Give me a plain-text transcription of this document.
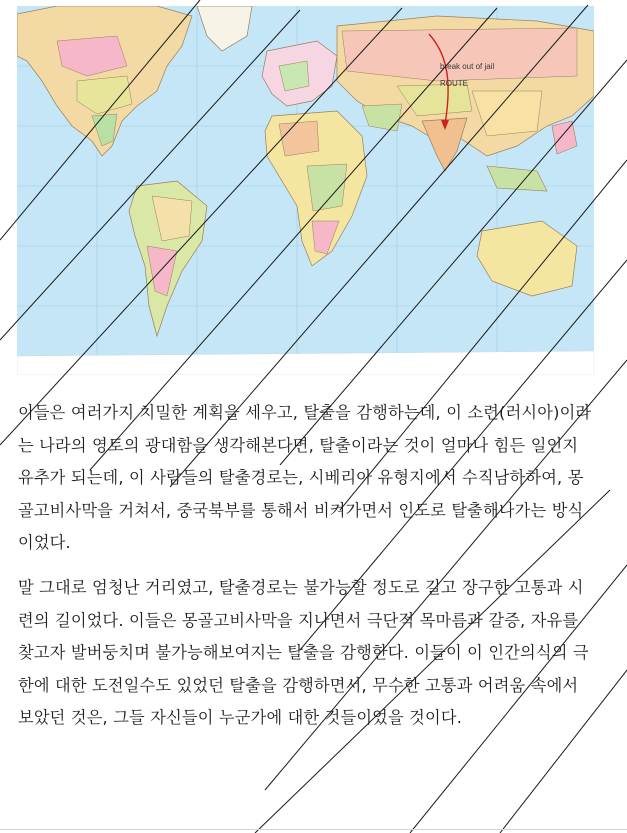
break out of jail
ROUTE

이들은 여러가지 치밀한 계획을 세우고, 탈출을 감행하는데, 이 소련(러시아)이라는 나라의 영토의 광대함을 생각해본다면, 탈출이라는 것이 얼마나 힘든 일인지 유추가 되는데, 이 사람들의 탈출경로는, 시베리아 유형지에서 수직남하하여, 몽골고비사막을 거쳐서, 중국북부를 통해서 비켜가면서 인도로 탈출해나가는 방식이었다.

말 그대로 엄청난 거리였고, 탈출경로는 불가능할 정도로 길고 장구한 고통과 시련의 길이었다. 이들은 몽골고비사막을 지나면서 극단적 목마름과 갈증, 자유를 찾고자 발버둥치며 불가능해보여지는 탈출을 감행한다. 이들이 이 인간의식의 극한에 대한 도전일수도 있었던 탈출을 감행하면서, 무수한 고통과 어려움 속에서 보았던 것은, 그들 자신들이 누군가에 대한 것들이었을 것이다.
